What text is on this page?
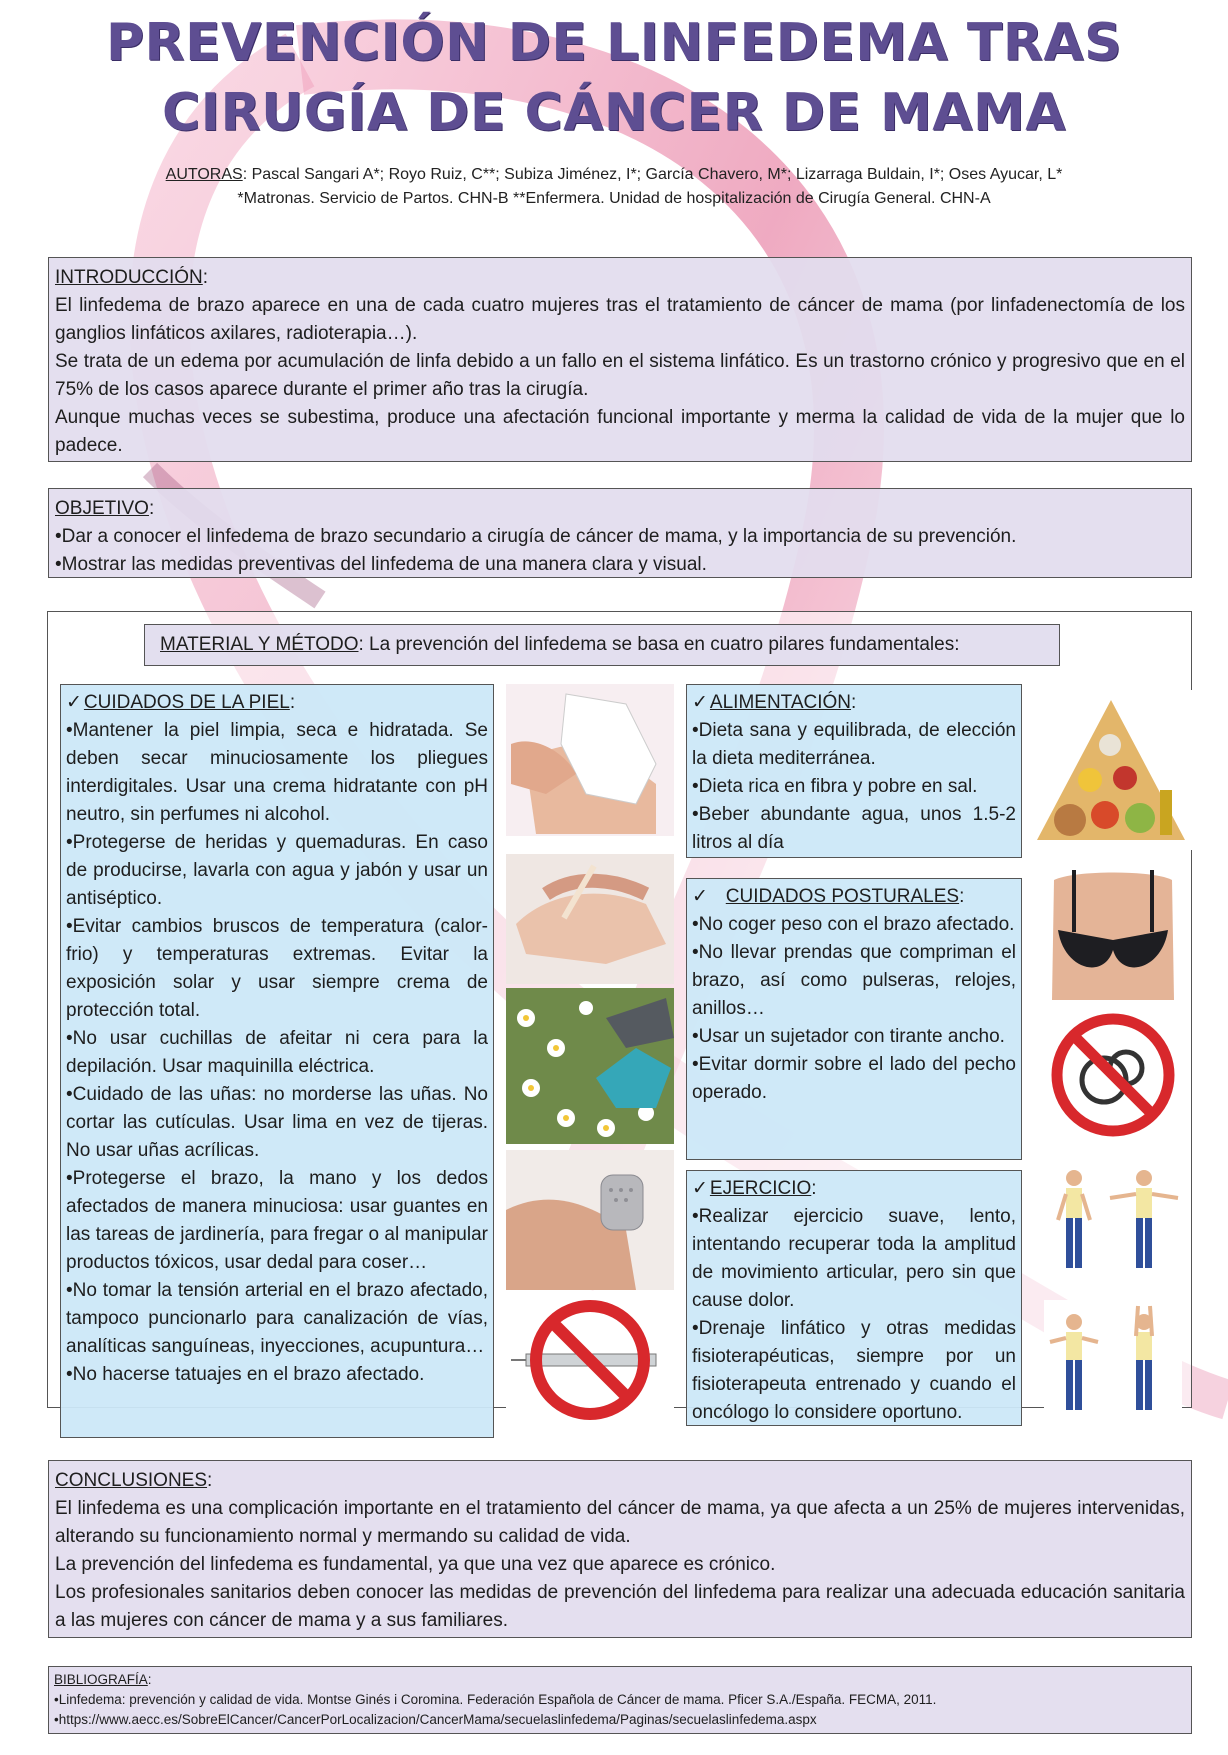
PREVENCIÓN DE LINFEDEMA TRAS
CIRUGÍA DE CÁNCER DE MAMA
AUTORAS: Pascal Sangari A*; Royo Ruiz, C**; Subiza Jiménez, I*; García Chavero, M*; Lizarraga Buldain, I*; Oses Ayucar, L*
*Matronas. Servicio de Partos. CHN-B **Enfermera. Unidad de hospitalización de Cirugía General. CHN-A

INTRODUCCIÓN:

El linfedema de brazo aparece en una de cada cuatro mujeres tras el tratamiento de cáncer de mama (por linfadenectomía de los ganglios linfáticos axilares, radioterapia…).

Se trata de un edema por acumulación de linfa debido a un fallo en el sistema linfático. Es un trastorno crónico y progresivo que en el 75% de los casos aparece durante el primer año tras la cirugía.

Aunque muchas veces se subestima, produce una afectación funcional importante y merma la calidad de vida de la mujer que lo padece.

OBJETIVO:

•Dar a conocer el linfedema de brazo secundario a cirugía de cáncer de mama, y la importancia de su prevención.

•Mostrar las medidas preventivas del linfedema de una manera clara y visual.

MATERIAL Y MÉTODO: La prevención del linfedema se basa en cuatro pilares fundamentales:

✓ CUIDADOS DE LA PIEL:

•Mantener la piel limpia, seca e hidratada. Se deben secar minuciosamente los pliegues interdigitales. Usar una crema hidratante con pH neutro, sin perfumes ni alcohol.

•Protegerse de heridas y quemaduras. En caso de producirse, lavarla con agua y jabón y usar un antiséptico.

•Evitar cambios bruscos de temperatura (calor-frio) y temperaturas extremas. Evitar la exposición solar y usar siempre crema de protección total.

•No usar cuchillas de afeitar ni cera para la depilación. Usar maquinilla eléctrica.

•Cuidado de las uñas: no morderse las uñas. No cortar las cutículas. Usar lima en vez de tijeras. No usar uñas acrílicas.

•Protegerse el brazo, la mano y los dedos afectados de manera minuciosa: usar guantes en las tareas de jardinería, para fregar o al manipular productos tóxicos, usar dedal para coser…

•No tomar la tensión arterial en el brazo afectado, tampoco puncionarlo para canalización de vías, analíticas sanguíneas, inyecciones, acupuntura…

•No hacerse tatuajes en el brazo afectado.

✓ ALIMENTACIÓN:

•Dieta sana y equilibrada, de elección la dieta mediterránea.

•Dieta rica en fibra y pobre en sal.

•Beber abundante agua, unos 1.5-2 litros al día

✓ CUIDADOS POSTURALES:

•No coger peso con el brazo afectado.

•No llevar prendas que compriman el brazo, así como pulseras, relojes, anillos…

•Usar un sujetador con tirante ancho.

•Evitar dormir sobre el lado del pecho operado.

✓ EJERCICIO:

•Realizar ejercicio suave, lento, intentando recuperar toda la amplitud de movimiento articular, pero sin que cause dolor.

•Drenaje linfático y otras medidas fisioterapéuticas, siempre por un fisioterapeuta entrenado y cuando el oncólogo lo considere oportuno.

CONCLUSIONES:

El linfedema es una complicación importante en el tratamiento del cáncer de mama, ya que afecta a un 25% de mujeres intervenidas, alterando su funcionamiento normal y mermando su calidad de vida.

La prevención del linfedema es fundamental, ya que una vez que aparece es crónico.

Los profesionales sanitarios deben conocer las medidas de prevención del linfedema para realizar una adecuada educación sanitaria a las mujeres con cáncer de mama y a sus familiares.

BIBLIOGRAFÍA:

•Linfedema: prevención y calidad de vida. Montse Ginés i Coromina. Federación Española de Cáncer de mama. Pficer S.A./España. FECMA, 2011.

•https://www.aecc.es/SobreElCancer/CancerPorLocalizacion/CancerMama/secuelaslinfedema/Paginas/secuelaslinfedema.aspx
